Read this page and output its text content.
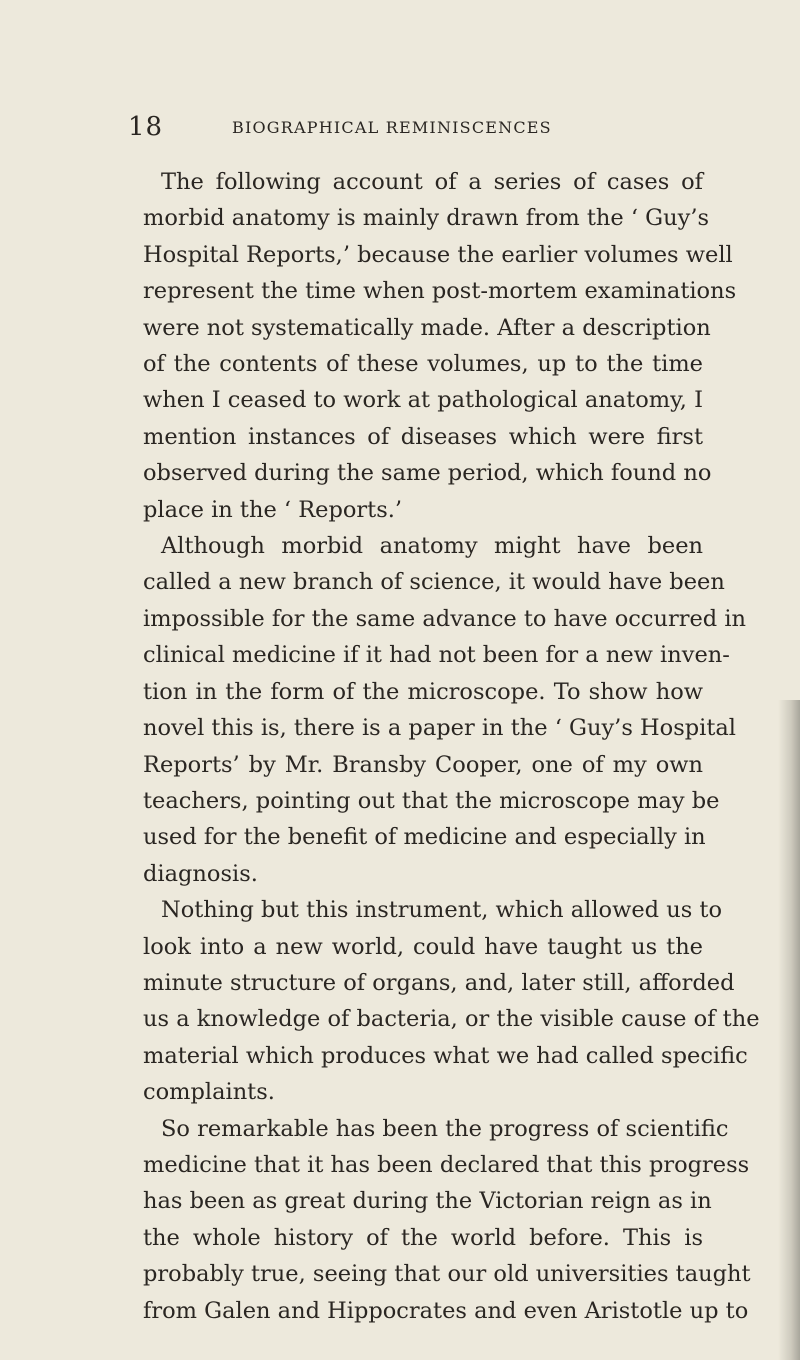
18	BIOGRAPHICAL REMINISCENCES
The following account of a series of cases of
morbid anatomy is mainly drawn from the ‘ Guy’s
Hospital Reports,’ because the earlier volumes well
represent the time when post-mortem examinations
were not systematically made. After a description
of the contents of these volumes, up to the time
when I ceased to work at pathological anatomy, I
mention instances of diseases which were first
observed during the same period, which found no
place in the ‘ Reports.’
Although morbid anatomy might have been
called a new branch of science, it would have been
impossible for the same advance to have occurred in
clinical medicine if it had not been for a new inven-
tion in the form of the microscope. To show how
novel this is, there is a paper in the ‘ Guy’s Hospital
Reports’ by Mr. Bransby Cooper, one of my own
teachers, pointing out that the microscope may be
used for the benefit of medicine and especially in
diagnosis.
Nothing but this instrument, which allowed us to
look into a new world, could have taught us the
minute structure of organs, and, later still, afforded
us a knowledge of bacteria, or the visible cause of the
material which produces what we had called specific
complaints.
So remarkable has been the progress of scientific
medicine that it has been declared that this progress
has been as great during the Victorian reign as in
the whole history of the world before. This is
probably true, seeing that our old universities taught
from Galen and Hippocrates and even Aristotle up to
